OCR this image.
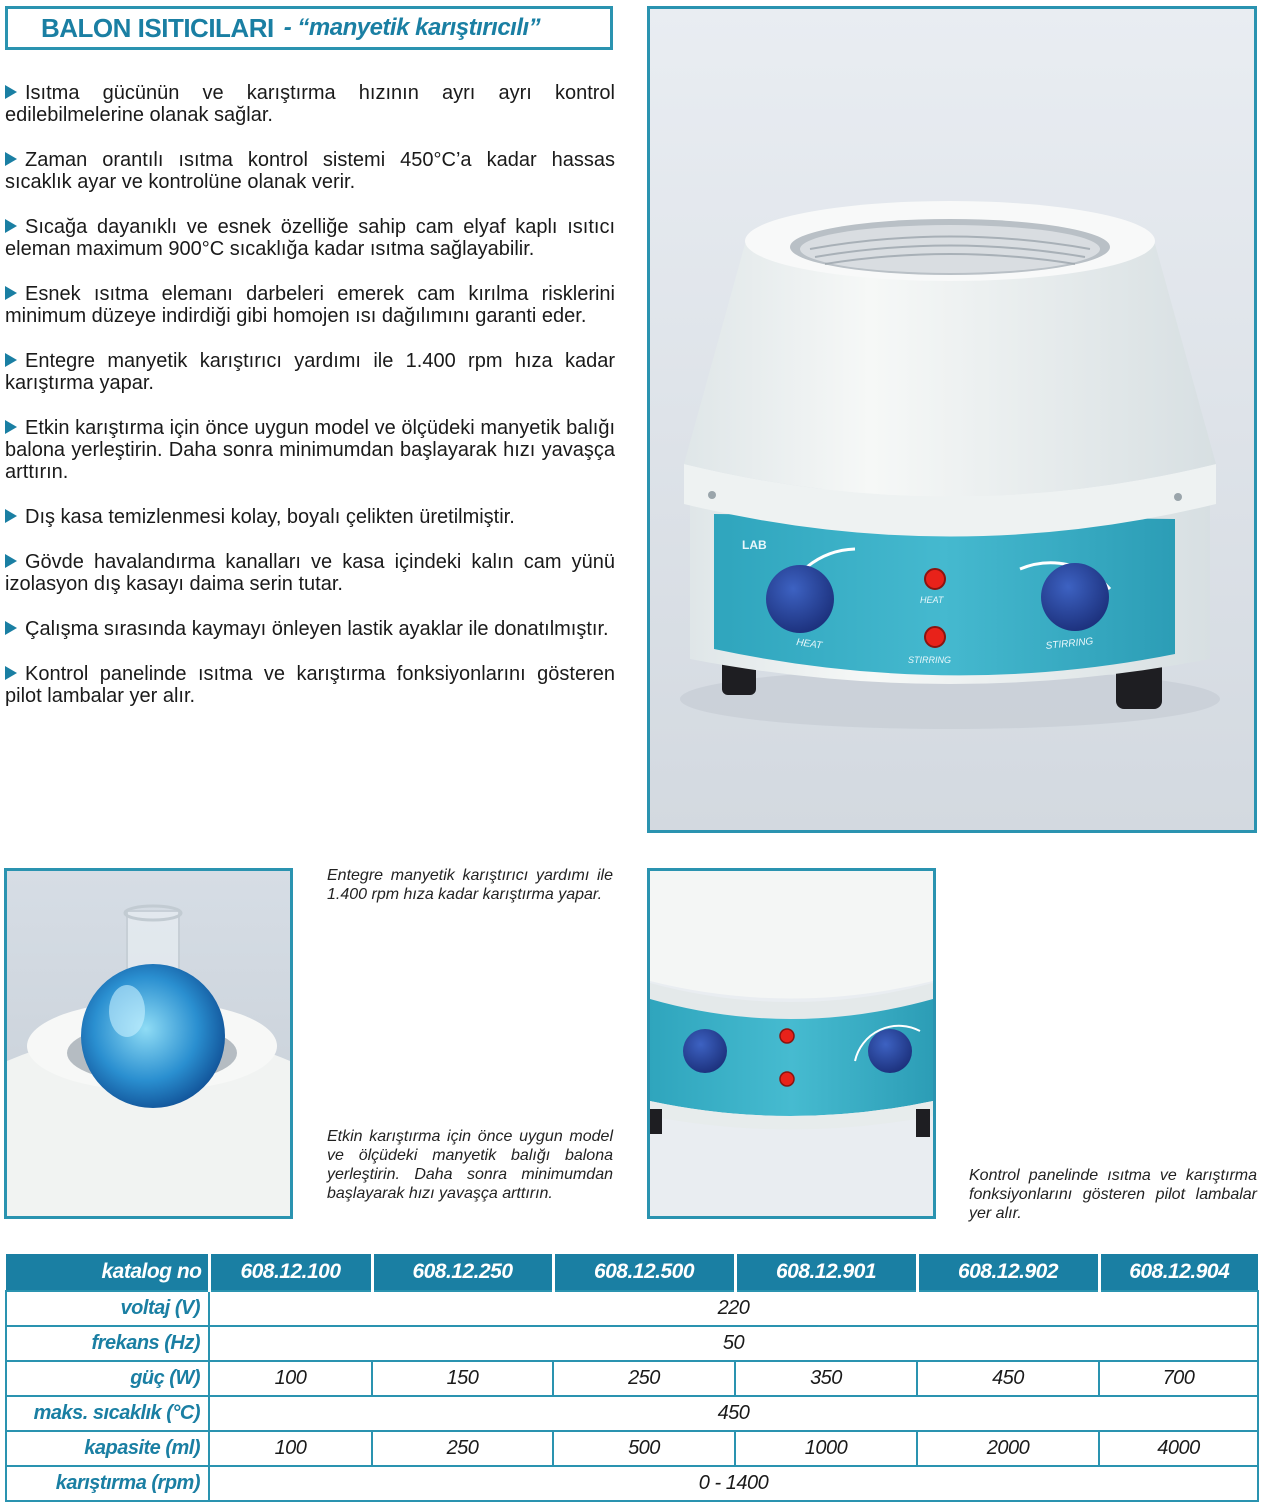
BALON ISITICILARI - “manyetik karıştırıcılı”
Isıtma gücünün ve karıştırma hızının ayrı ayrı kontrol edilebilmelerine olanak sağlar.
Zaman orantılı ısıtma kontrol sistemi 450°C’a kadar hassas sıcaklık ayar ve kontrolüne olanak verir.
Sıcağa dayanıklı ve esnek özelliğe sahip cam elyaf kaplı ısıtıcı eleman maximum 900°C sıcaklığa kadar ısıtma sağlayabilir.
Esnek ısıtma elemanı darbeleri emerek cam kırılma risklerini minimum düzeye indirdiği gibi homojen ısı dağılımını garanti eder.
Entegre manyetik karıştırıcı yardımı ile 1.400 rpm hıza kadar karıştırma yapar.
Etkin karıştırma için önce uygun model ve ölçüdeki manyetik balığı balona yerleştirin. Daha sonra minimumdan başlayarak hızı yavaşça arttırın.
Dış kasa temizlenmesi kolay, boyalı çelikten üretilmiştir.
Gövde havalandırma kanalları ve kasa içindeki kalın cam yünü izolasyon dış kasayı daima serin tutar.
Çalışma sırasında kaymayı önleyen lastik ayaklar ile donatılmıştır.
Kontrol panelinde ısıtma ve karıştırma fonksiyonlarını gösteren pilot lambalar yer alır.
LAB
HEAT	STIRRING
HEAT
STIRRING
Entegre manyetik karıştırıcı yardımı ile 1.400 rpm hıza kadar karıştırma yapar.
Etkin karıştırma için önce uygun model ve ölçüdeki manyetik balığı balona yerleştirin. Daha sonra minimumdan başlayarak hızı yavaşça arttırın.
Kontrol panelinde ısıtma ve karıştırma fonksiyonlarını gösteren pilot lambalar yer alır.
katalog no	608.12.100	608.12.250	608.12.500	608.12.901	608.12.902	608.12.904
voltaj (V)	220					
frekans (Hz)	50					
güç (W)	100	150	250	350	450	700
maks. sıcaklık (°C)	450					
kapasite (ml)	100	250	500	1000	2000	4000
karıştırma (rpm)	0 - 1400					
